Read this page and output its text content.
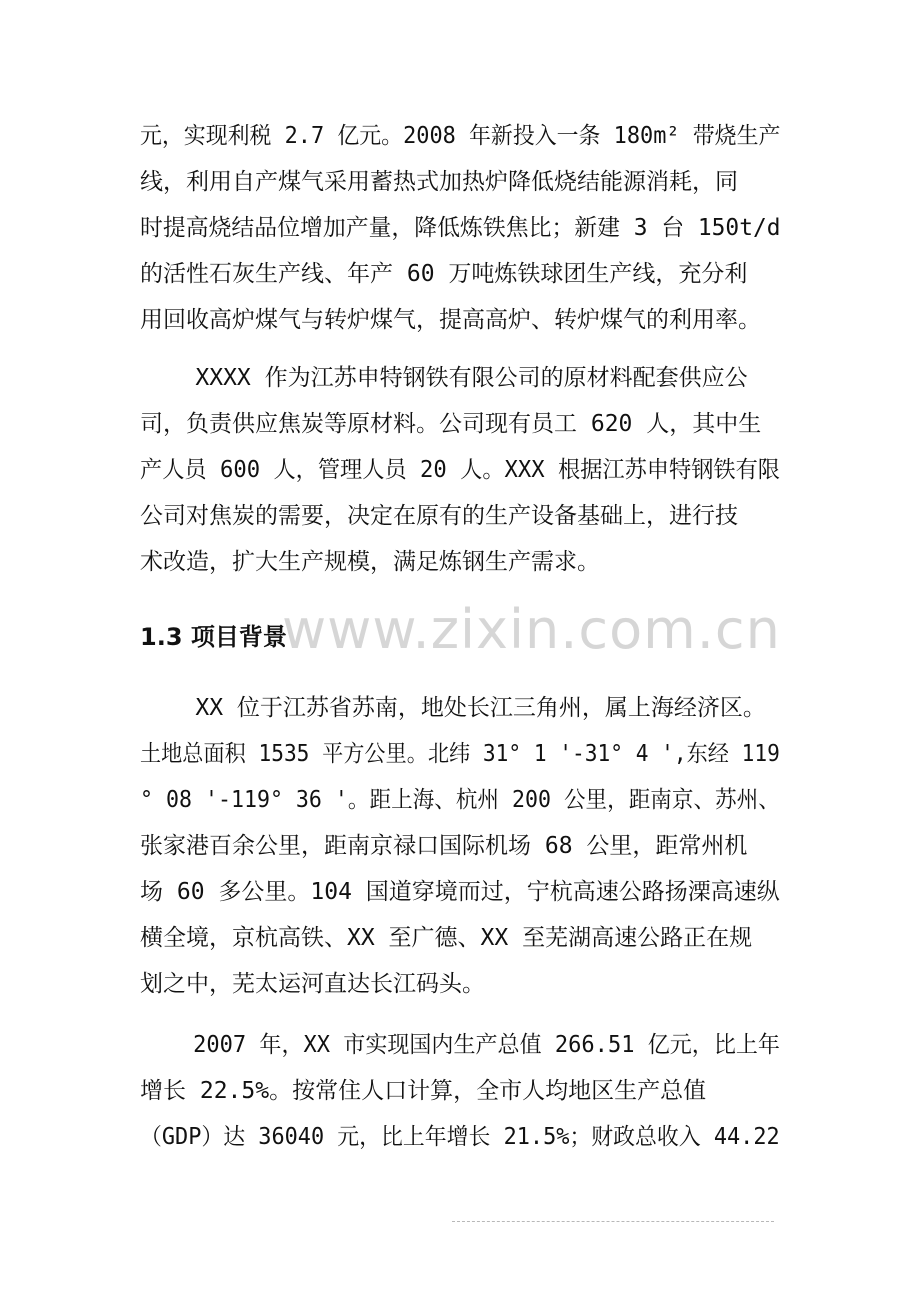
元，实现利税 2.7 亿元。2008 年新投入一条 180m² 带烧生产
线，利用自产煤气采用蓄热式加热炉降低烧结能源消耗，同
时提高烧结品位增加产量，降低炼铁焦比；新建 3 台 150t/d
的活性石灰生产线、年产 60 万吨炼铁球团生产线，充分利
用回收高炉煤气与转炉煤气，提高高炉、转炉煤气的利用率。
XXXX 作为江苏申特钢铁有限公司的原材料配套供应公
司，负责供应焦炭等原材料。公司现有员工 620 人，其中生
产人员 600 人，管理人员 20 人。XXX 根据江苏申特钢铁有限
公司对焦炭的需要，决定在原有的生产设备基础上，进行技
术改造，扩大生产规模，满足炼钢生产需求。
www.zixin.com.cn
1.3 项目背景
XX 位于江苏省苏南，地处长江三角州，属上海经济区。
土地总面积 1535 平方公里。北纬 31° 1 '-31° 4 ',东经 119
° 08 '-119° 36 '。距上海、杭州 200 公里，距南京、苏州、
张家港百余公里，距南京禄口国际机场 68 公里，距常州机
场 60 多公里。104 国道穿境而过，宁杭高速公路扬溧高速纵
横全境，京杭高铁、XX 至广德、XX 至芜湖高速公路正在规
划之中，芜太运河直达长江码头。
2007 年，XX 市实现国内生产总值 266.51 亿元，比上年
增长 22.5%。按常住人口计算，全市人均地区生产总值
（GDP）达 36040 元，比上年增长 21.5%；财政总收入 44.22
